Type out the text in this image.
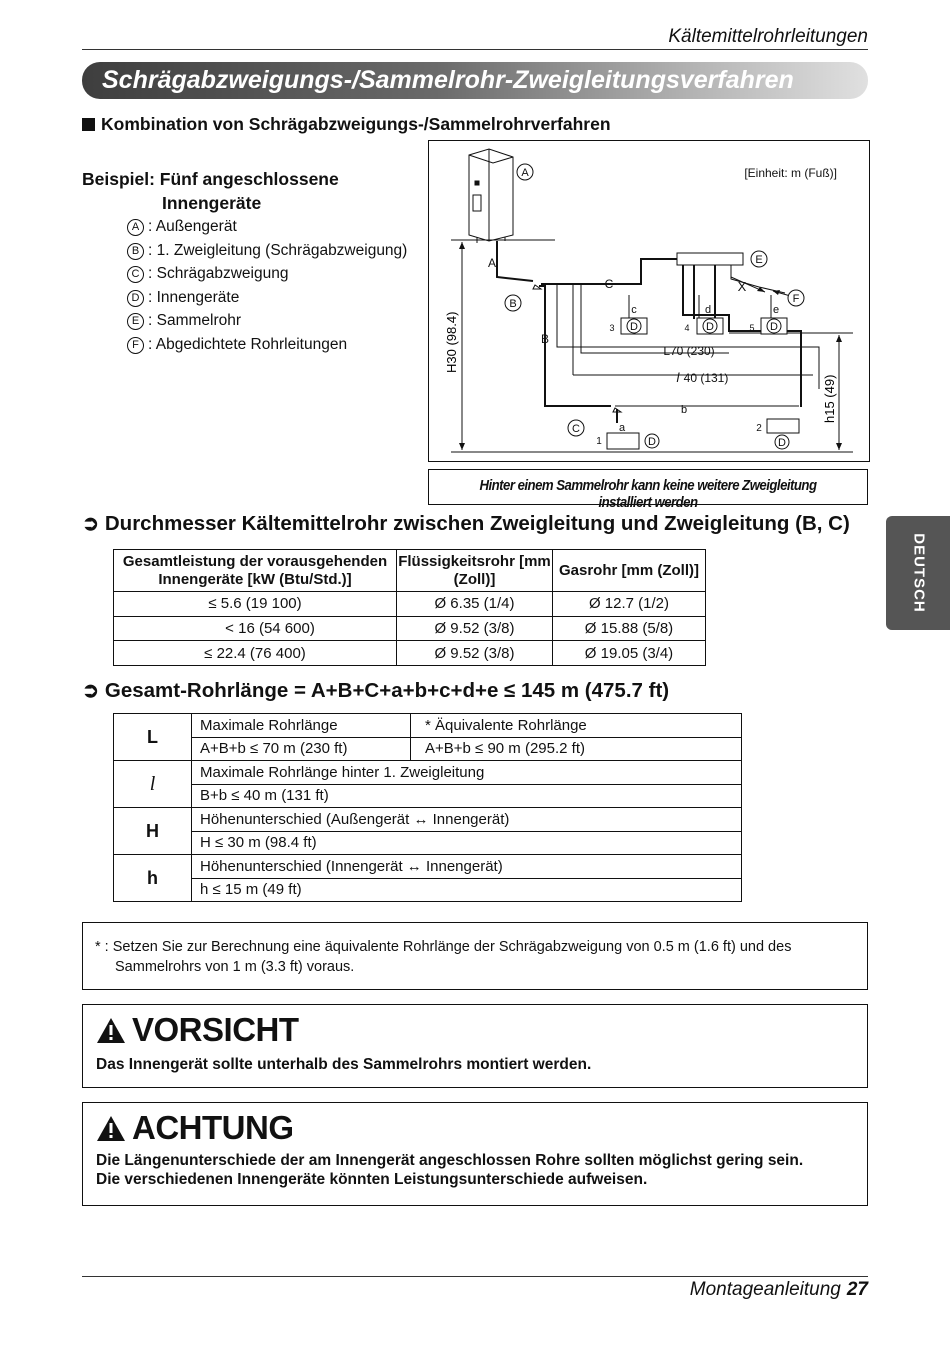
Kältemittelrohrleitungen
Schrägabzweigungs-/Sammelrohr-Zweigleitungsverfahren
Kombination von Schrägabzweigungs-/Sammelrohrverfahren
Beispiel: Fünf angeschlossene
Innengeräte
A : Außengerät
B : 1. Zweigleitung (Schrägabzweigung)
C : Schrägabzweigung
D : Innengeräte
E : Sammelrohr
F : Abgedichtete Rohrleitungen	H30 (98.4)
h15 (49)
A
B
C
a
b
c	d	e
X
3	4	5
1
2
L70 (230)
l 40 (131)
[Einheit: m (Fuß)]
A
B
C
E
F
D	D	D
D	D
Hinter einem Sammelrohr kann keine weitere Zweigleitung installiert werden
➲ Durchmesser Kältemittelrohr zwischen Zweigleitung und Zweigleitung (B, C)
Gesamtleistung der vorausgehenden Innengeräte [kW (Btu/Std.)]	Flüssigkeitsrohr [mm (Zoll)]	Gasrohr [mm (Zoll)]
≤ 5.6 (19 100)	Ø 6.35 (1/4)	Ø 12.7 (1/2)
< 16 (54 600)	Ø 9.52 (3/8)	Ø 15.88 (5/8)
≤ 22.4 (76 400)	Ø 9.52 (3/8)	Ø 19.05 (3/4)
➲ Gesamt-Rohrlänge = A+B+C+a+b+c+d+e ≤ 145 m (475.7 ft)
L	Maximale Rohrlänge	* Äquivalente Rohrlänge
	A+B+b ≤ 70 m (230 ft)	A+B+b ≤ 90 m (295.2 ft)
l	Maximale Rohrlänge hinter 1. Zweigleitung	
	B+b ≤ 40 m (131 ft)	
H	Höhenunterschied (Außengerät ↔ Innengerät)	
	H ≤ 30 m (98.4 ft)	
h	Höhenunterschied (Innengerät ↔ Innengerät)	
	h ≤ 15 m (49 ft)	
* : Setzen Sie zur Berechnung eine äquivalente Rohrlänge der Schrägabzweigung von 0.5 m (1.6 ft) und des Sammelrohrs von 1 m (3.3 ft) voraus.
VORSICHT
Das Innengerät sollte unterhalb des Sammelrohrs montiert werden.
ACHTUNG
Die Längenunterschiede der am Innengerät angeschlossen Rohre sollten möglichst gering sein.
Die verschiedenen Innengeräte könnten Leistungsunterschiede aufweisen.
DEUTSCH
Montageanleitung 27
